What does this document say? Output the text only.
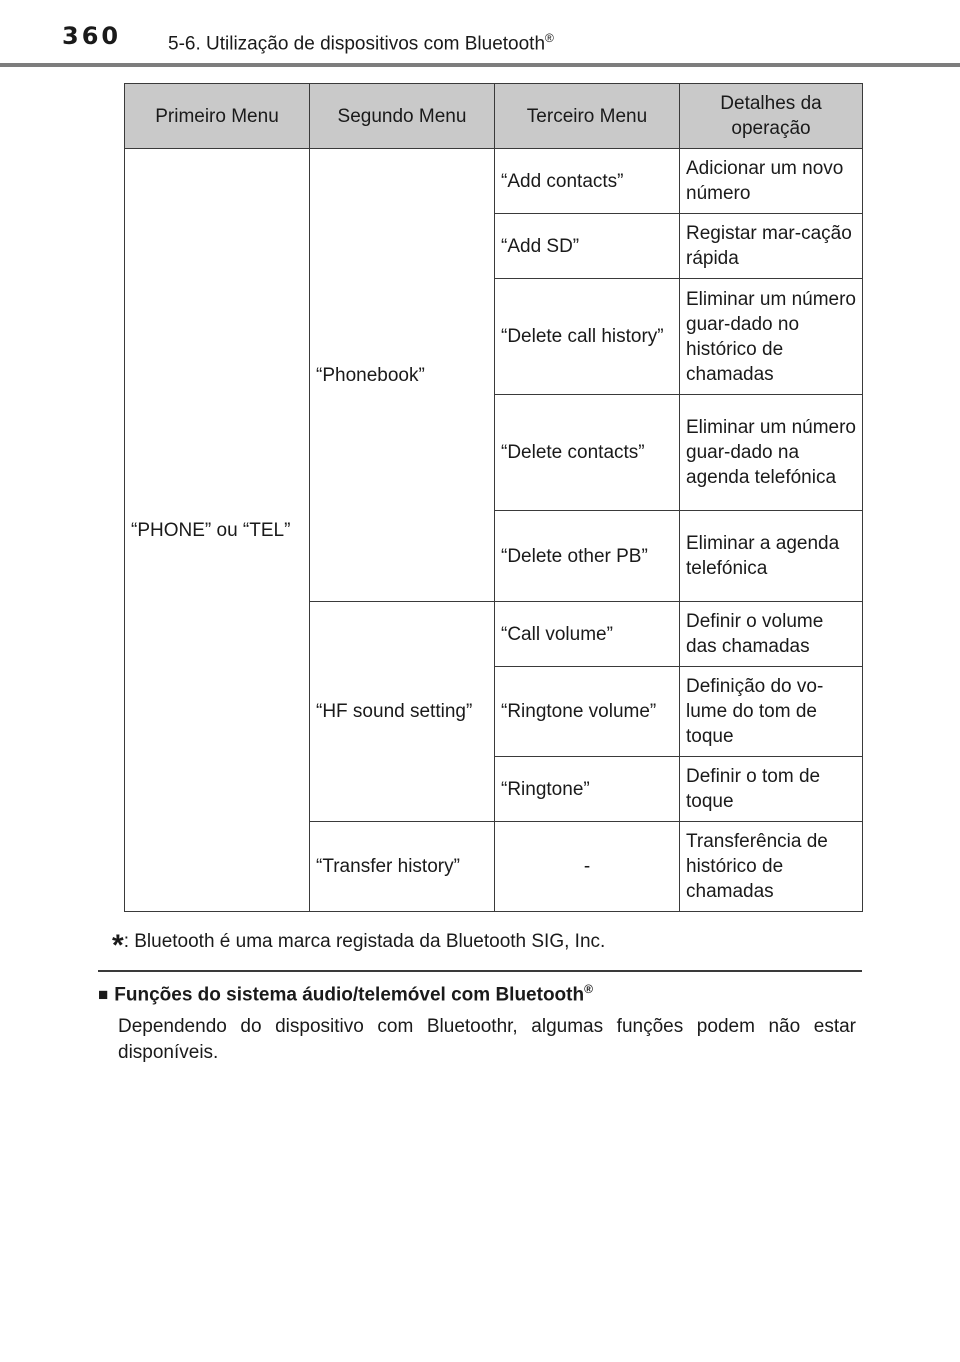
360 5-6. Utilização de dispositivos com Bluetooth®
Primeiro Menu	Segundo Menu	Terceiro Menu	Detalhes da operação
“PHONE” ou “TEL”	“Phonebook”	“Add contacts”	Adicionar um novo número
		“Add SD”	Registar mar-cação rápida
		“Delete call history”	Eliminar um número guar-dado no histórico de chamadas
		“Delete contacts”	Eliminar um número guar-dado na agenda telefónica
		“Delete other PB”	Eliminar a agenda telefónica
	“HF sound setting”	“Call volume”	Definir o volume das chamadas
		“Ringtone volume”	Definição do vo-lume do tom de toque
		“Ringtone”	Definir o tom de toque
	“Transfer history”	-	Transferência de histórico de chamadas
*: Bluetooth é uma marca registada da Bluetooth SIG, Inc.
■ Funções do sistema áudio/telemóvel com Bluetooth®
Dependendo do dispositivo com Bluetoothr, algumas funções podem não estar disponíveis.
